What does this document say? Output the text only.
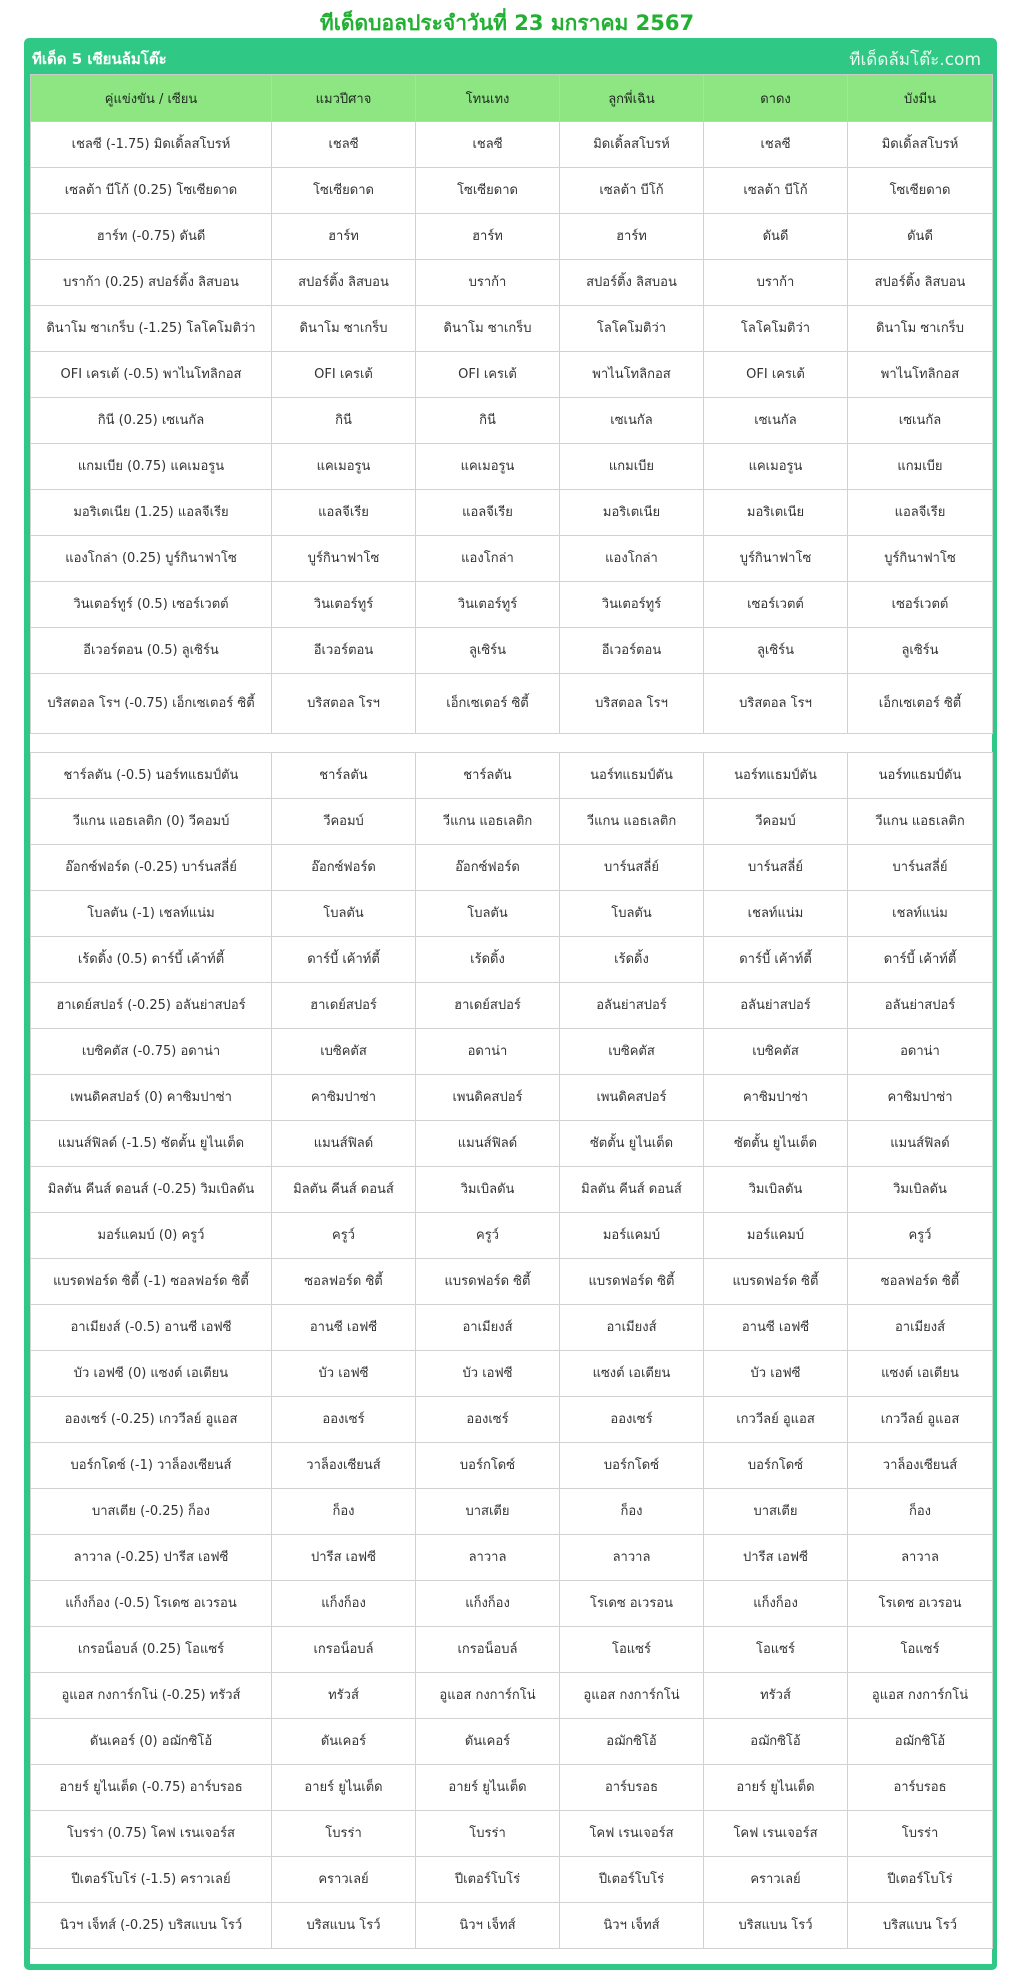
ทีเด็ดบอลประจำวันที่ 23 มกราคม 2567
ทีเด็ด 5 เซียนล้มโต๊ะ	ทีเด็ดล้มโต๊ะ.com
คู่แข่งขัน / เซียน	แมวปีศาจ	โทนเทง	ลูกพี่เฉิน	ดาดง	บังมีน
เชลซี (-1.75) มิดเดิ้ลสโบรห์	เชลซี	เชลซี	มิดเดิ้ลสโบรห์	เชลซี	มิดเดิ้ลสโบรห์
เซลต้า บีโก้ (0.25) โซเซียดาด	โซเซียดาด	โซเซียดาด	เซลต้า บีโก้	เซลต้า บีโก้	โซเซียดาด
ฮาร์ท (-0.75) ดันดี	ฮาร์ท	ฮาร์ท	ฮาร์ท	ดันดี	ดันดี
บราก้า (0.25) สปอร์ติ้ง ลิสบอน	สปอร์ติ้ง ลิสบอน	บราก้า	สปอร์ติ้ง ลิสบอน	บราก้า	สปอร์ติ้ง ลิสบอน
ดินาโม ซาเกร็บ (-1.25) โลโคโมติว่า	ดินาโม ซาเกร็บ	ดินาโม ซาเกร็บ	โลโคโมติว่า	โลโคโมติว่า	ดินาโม ซาเกร็บ
OFI เครเต้ (-0.5) พาไนโทลิกอส	OFI เครเต้	OFI เครเต้	พาไนโทลิกอส	OFI เครเต้	พาไนโทลิกอส
กินี (0.25) เซเนกัล	กินี	กินี	เซเนกัล	เซเนกัล	เซเนกัล
แกมเบีย (0.75) แคเมอรูน	แคเมอรูน	แคเมอรูน	แกมเบีย	แคเมอรูน	แกมเบีย
มอริเตเนีย (1.25) แอลจีเรีย	แอลจีเรีย	แอลจีเรีย	มอริเตเนีย	มอริเตเนีย	แอลจีเรีย
แองโกล่า (0.25) บูร์กินาฟาโซ	บูร์กินาฟาโซ	แองโกล่า	แองโกล่า	บูร์กินาฟาโซ	บูร์กินาฟาโซ
วินเตอร์ทูร์ (0.5) เซอร์เวตต์	วินเตอร์ทูร์	วินเตอร์ทูร์	วินเตอร์ทูร์	เซอร์เวตต์	เซอร์เวตต์
อีเวอร์ตอน (0.5) ลูเซิร์น	อีเวอร์ตอน	ลูเซิร์น	อีเวอร์ตอน	ลูเซิร์น	ลูเซิร์น
บริสตอล โรฯ (-0.75) เอ็กเซเตอร์ ซิตี้	บริสตอล โรฯ	เอ็กเซเตอร์ ซิตี้	บริสตอล โรฯ	บริสตอล โรฯ	เอ็กเซเตอร์ ซิตี้

ชาร์ลตัน (-0.5) นอร์ทแธมป์ตัน	ชาร์ลตัน	ชาร์ลตัน	นอร์ทแธมป์ตัน	นอร์ทแธมป์ตัน	นอร์ทแธมป์ตัน
วีแกน แอธเลติก (0) วีคอมบ์	วีคอมบ์	วีแกน แอธเลติก	วีแกน แอธเลติก	วีคอมบ์	วีแกน แอธเลติก
อ๊อกซ์ฟอร์ด (-0.25) บาร์นสลี่ย์	อ๊อกซ์ฟอร์ด	อ๊อกซ์ฟอร์ด	บาร์นสลี่ย์	บาร์นสลี่ย์	บาร์นสลี่ย์
โบลตัน (-1) เชลท์แน่ม	โบลตัน	โบลตัน	โบลตัน	เชลท์แน่ม	เชลท์แน่ม
เร้ดดิ้ง (0.5) ดาร์บี้ เค้าท์ตี้	ดาร์บี้ เค้าท์ตี้	เร้ดดิ้ง	เร้ดดิ้ง	ดาร์บี้ เค้าท์ตี้	ดาร์บี้ เค้าท์ตี้
ฮาเดย์สปอร์ (-0.25) อลันย่าสปอร์	ฮาเดย์สปอร์	ฮาเดย์สปอร์	อลันย่าสปอร์	อลันย่าสปอร์	อลันย่าสปอร์
เบซิคตัส (-0.75) อดาน่า	เบซิคตัส	อดาน่า	เบซิคตัส	เบซิคตัส	อดาน่า
เพนดิคสปอร์ (0) คาซิมปาซ่า	คาซิมปาซ่า	เพนดิคสปอร์	เพนดิคสปอร์	คาซิมปาซ่า	คาซิมปาซ่า
แมนส์ฟิลด์ (-1.5) ซัตตั้น ยูไนเต็ด	แมนส์ฟิลด์	แมนส์ฟิลด์	ซัตตั้น ยูไนเต็ด	ซัตตั้น ยูไนเต็ด	แมนส์ฟิลด์
มิลตัน คีนส์ ดอนส์ (-0.25) วิมเบิลดัน	มิลตัน คีนส์ ดอนส์	วิมเบิลดัน	มิลตัน คีนส์ ดอนส์	วิมเบิลดัน	วิมเบิลดัน
มอร์แคมบ์ (0) ครูว์	ครูว์	ครูว์	มอร์แคมบ์	มอร์แคมบ์	ครูว์
แบรดฟอร์ด ซิตี้ (-1) ซอลฟอร์ด ซิตี้	ซอลฟอร์ด ซิตี้	แบรดฟอร์ด ซิตี้	แบรดฟอร์ด ซิตี้	แบรดฟอร์ด ซิตี้	ซอลฟอร์ด ซิตี้
อาเมียงส์ (-0.5) อานซี เอฟซี	อานซี เอฟซี	อาเมียงส์	อาเมียงส์	อานซี เอฟซี	อาเมียงส์
บัว เอฟซี (0) แซงต์ เอเตียน	บัว เอฟซี	บัว เอฟซี	แซงต์ เอเตียน	บัว เอฟซี	แซงต์ เอเตียน
อองเซร์ (-0.25) เกววีลย์ อูแอส	อองเซร์	อองเซร์	อองเซร์	เกววีลย์ อูแอส	เกววีลย์ อูแอส
บอร์กโดซ์ (-1) วาล็องเซียนส์	วาล็องเซียนส์	บอร์กโดซ์	บอร์กโดซ์	บอร์กโดซ์	วาล็องเซียนส์
บาสเตีย (-0.25) ก็อง	ก็อง	บาสเตีย	ก็อง	บาสเตีย	ก็อง
ลาวาล (-0.25) ปารีส เอฟซี	ปารีส เอฟซี	ลาวาล	ลาวาล	ปารีส เอฟซี	ลาวาล
แก็งก็อง (-0.5) โรเดซ อเวรอน	แก็งก็อง	แก็งก็อง	โรเดซ อเวรอน	แก็งก็อง	โรเดซ อเวรอน
เกรอน็อบล์ (0.25) โอแซร์	เกรอน็อบล์	เกรอน็อบล์	โอแซร์	โอแซร์	โอแซร์
อูแอส กงการ์กโน่ (-0.25) ทรัวส์	ทรัวส์	อูแอส กงการ์กโน่	อูแอส กงการ์กโน่	ทรัวส์	อูแอส กงการ์กโน่
ดันเคอร์ (0) อฌักซิโอ้	ดันเคอร์	ดันเคอร์	อฌักซิโอ้	อฌักซิโอ้	อฌักซิโอ้
อายร์ ยูไนเต็ด (-0.75) อาร์บรอธ	อายร์ ยูไนเต็ด	อายร์ ยูไนเต็ด	อาร์บรอธ	อายร์ ยูไนเต็ด	อาร์บรอธ
โบรร่า (0.75) โคฟ เรนเจอร์ส	โบรร่า	โบรร่า	โคฟ เรนเจอร์ส	โคฟ เรนเจอร์ส	โบรร่า
ปีเตอร์โบโร่ (-1.5) คราวเลย์	คราวเลย์	ปีเตอร์โบโร่	ปีเตอร์โบโร่	คราวเลย์	ปีเตอร์โบโร่
นิวฯ เจ็ทส์ (-0.25) บริสแบน โรว์	บริสแบน โรว์	นิวฯ เจ็ทส์	นิวฯ เจ็ทส์	บริสแบน โรว์	บริสแบน โรว์
